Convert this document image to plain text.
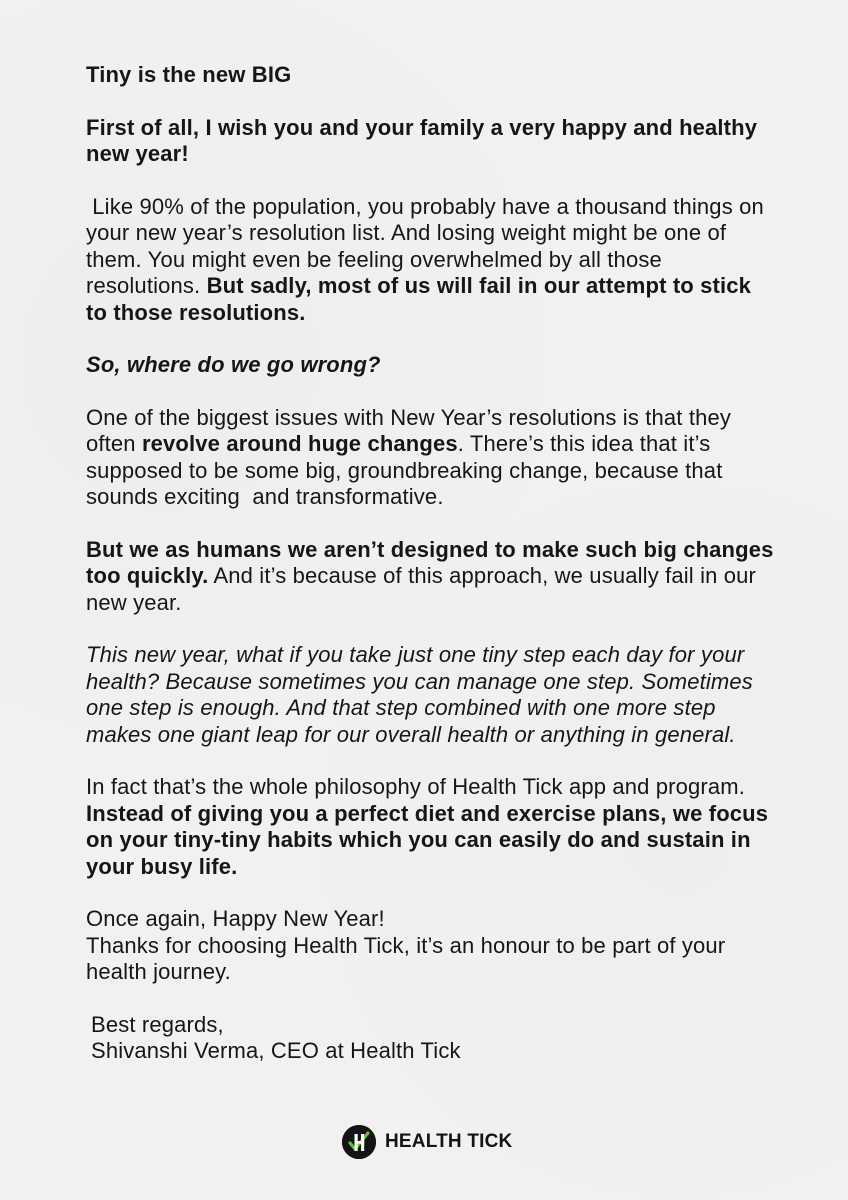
Tiny is the new BIG

First of all, I wish you and your family a very happy and healthy new year!

Like 90% of the population, you probably have a thousand things on your new year’s resolution list. And losing weight might be one of them. You might even be feeling overwhelmed by all those resolutions. But sadly, most of us will fail in our attempt to stick to those resolutions.

So, where do we go wrong?

One of the biggest issues with New Year’s resolutions is that they often revolve around huge changes. There’s this idea that it’s supposed to be some big, groundbreaking change, because that sounds exciting  and transformative.

But we as humans we aren’t designed to make such big changes too quickly. And it’s because of this approach, we usually fail in our new year.

This new year, what if you take just one tiny step each day for your health? Because sometimes you can manage one step. Sometimes one step is enough. And that step combined with one more step makes one giant leap for our overall health or anything in general.

In fact that’s the whole philosophy of Health Tick app and program. Instead of giving you a perfect diet and exercise plans, we focus on your tiny-tiny habits which you can easily do and sustain in your busy life.

Once again, Happy New Year!
Thanks for choosing Health Tick, it’s an honour to be part of your health journey.

Best regards,

Shivanshi Verma, CEO at Health Tick

HEALTH TICK
